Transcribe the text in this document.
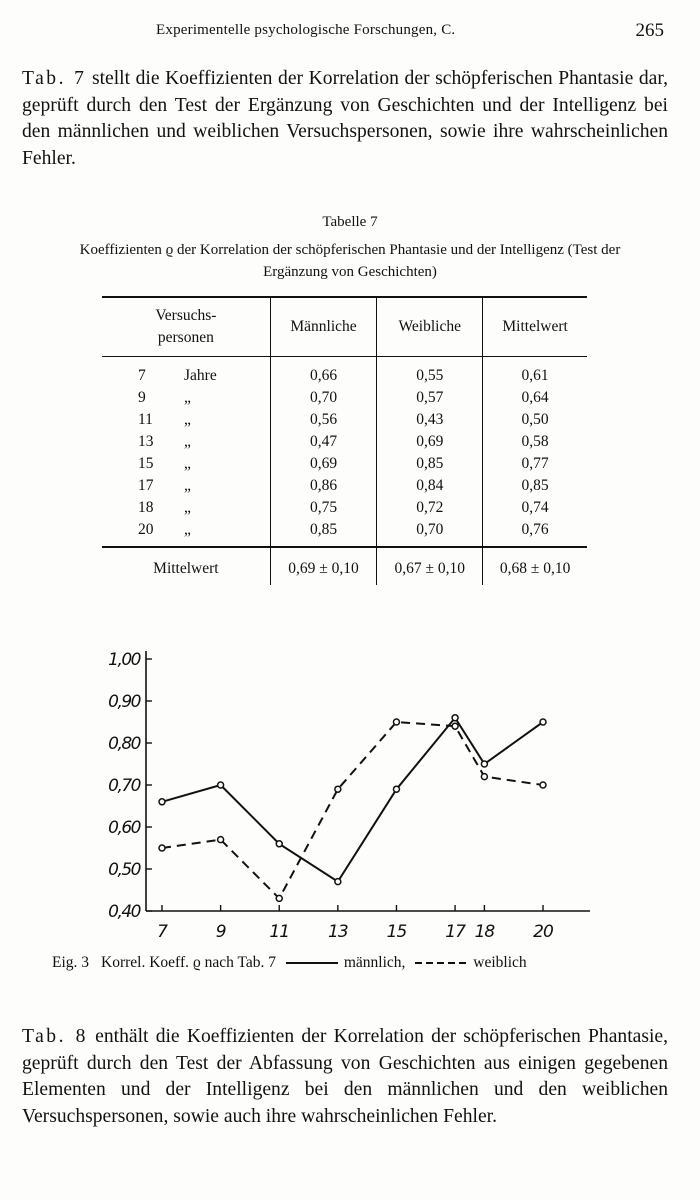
Experimentelle psychologische Forschungen, C.	265
Tab. 7 stellt die Koeffizienten der Korrelation der schöpferischen Phantasie dar, geprüft durch den Test der Ergänzung von Geschichten und der Intelligenz bei den männlichen und weiblichen Versuchspersonen, sowie ihre wahrscheinlichen Fehler.
Tabelle 7
Koeffizienten ϱ der Korrelation der schöpferischen Phantasie und der Intelligenz (Test der Ergänzung von Geschichten)
Versuchs-
personen	Männliche	Weibliche	Mittelwert
7 Jahre	0,66	0,55	0,61
9 „	0,70	0,57	0,64
11 „	0,56	0,43	0,50
13 „	0,47	0,69	0,58
15 „	0,69	0,85	0,77
17 „	0,86	0,84	0,85
18 „	0,75	0,72	0,74
20 „	0,85	0,70	0,76
Mittelwert	0,69 ± 0,10	0,67 ± 0,10	0,68 ± 0,10
0,40
0,50
0,60
0,70
0,80
0,90
1,00
7	9	11 13 15 17 18 20
Eig. 3 Korrel. Koeff. ϱ nach Tab. 7	männlich,	weiblich
Tab. 8 enthält die Koeffizienten der Korrelation der schöpferischen Phantasie, geprüft durch den Test der Abfassung von Geschichten aus einigen gegebenen Elementen und der Intelligenz bei den männlichen und den weiblichen Versuchspersonen, sowie auch ihre wahrscheinlichen Fehler.
